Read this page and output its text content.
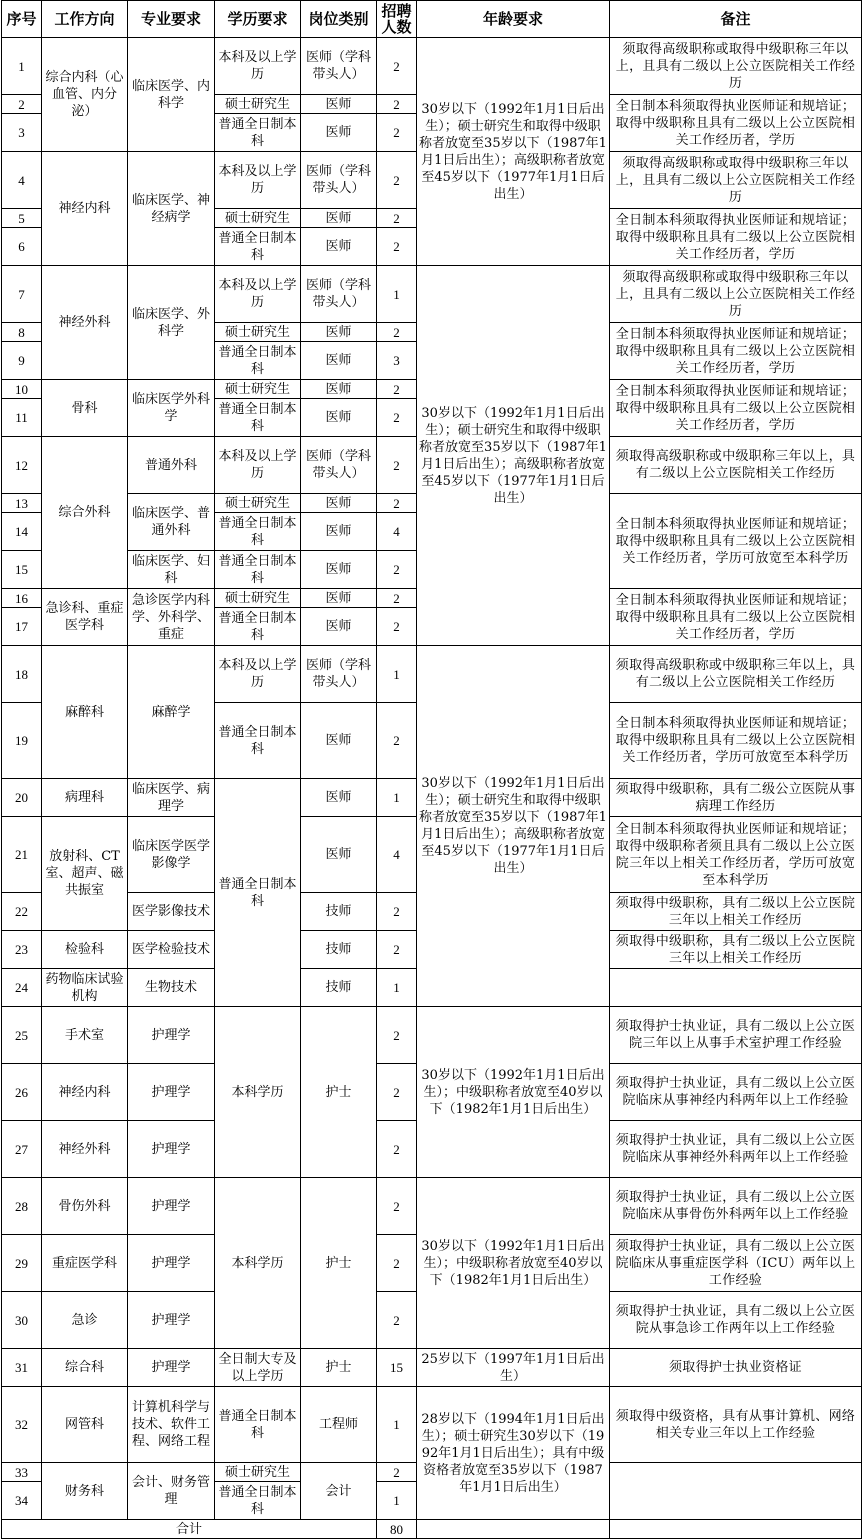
序号	工作方向	专业要求	学历要求	岗位类别	招聘人数	年龄要求	备注
1	综合内科（心血管、内分泌）	临床医学、内科学	本科及以上学历	医师（学科带头人）	2	30岁以下（1992年1月1日后出生）；硕士研究生和取得中级职称者放宽至35岁以下（1987年1月1日后出生）；高级职称者放宽至45岁以下（1977年1月1日后出生）	须取得高级职称或取得中级职称三年以上，且具有二级以上公立医院相关工作经历
2			硕士研究生	医师	2		全日制本科须取得执业医师证和规培证；取得中级职称且具有二级以上公立医院相关工作经历者，学历
3			普通全日制本科	医师	2		
4	神经内科	临床医学、神经病学	本科及以上学历	医师（学科带头人）	2		须取得高级职称或取得中级职称三年以上，且具有二级以上公立医院相关工作经历
5			硕士研究生	医师	2		全日制本科须取得执业医师证和规培证；取得中级职称且具有二级以上公立医院相关工作经历者，学历
6			普通全日制本科	医师	2		
7	神经外科	临床医学、外科学	本科及以上学历	医师（学科带头人）	1	30岁以下（1992年1月1日后出生）；硕士研究生和取得中级职称者放宽至35岁以下（1987年1月1日后出生）；高级职称者放宽至45岁以下（1977年1月1日后出生）	须取得高级职称或取得中级职称三年以上，且具有二级以上公立医院相关工作经历
8			硕士研究生	医师	2		全日制本科须取得执业医师证和规培证；取得中级职称且具有二级以上公立医院相关工作经历者，学历
9			普通全日制本科	医师	3		
10	骨科	临床医学外科学	硕士研究生	医师	2		全日制本科须取得执业医师证和规培证；取得中级职称且具有二级以上公立医院相关工作经历者，学历
11			普通全日制本科	医师	2		
12	综合外科	普通外科	本科及以上学历	医师（学科带头人）	2		须取得高级职称或中级职称三年以上，具有二级以上公立医院相关工作经历
13		临床医学、普通外科	硕士研究生	医师	2		全日制本科须取得执业医师证和规培证；取得中级职称且具有二级以上公立医院相关工作经历者，学历可放宽至本科学历
14			普通全日制本科	医师	4		
15		临床医学、妇科	普通全日制本科	医师	2		
16	急诊科、重症医学科	急诊医学内科学、外科学、重症	硕士研究生	医师	2		全日制本科须取得执业医师证和规培证；取得中级职称且具有二级以上公立医院相关工作经历者，学历
17			普通全日制本科	医师	2		
18	麻醉科	麻醉学	本科及以上学历	医师（学科带头人）	1	30岁以下（1992年1月1日后出生）；硕士研究生和取得中级职称者放宽至35岁以下（1987年1月1日后出生）；高级职称者放宽至45岁以下（1977年1月1日后出生）	须取得高级职称或中级职称三年以上，具有二级以上公立医院相关工作经历
19			普通全日制本科	医师	2		全日制本科须取得执业医师证和规培证；取得中级职称且具有二级以上公立医院相关工作经历者，学历可放宽至本科学历
20	病理科	临床医学、病理学	普通全日制本科	医师	1		须取得中级职称，具有二级公立医院从事病理工作经历
21	放射科、CT室、超声、磁共振室	临床医学医学影像学		医师	4		全日制本科须取得执业医师证和规培证；取得中级职称者须且具有二级以上公立医院三年以上相关工作经历者，学历可放宽至本科学历
22		医学影像技术		技师	2		须取得中级职称，具有二级以上公立医院三年以上相关工作经历
23	检验科	医学检验技术		技师	2		须取得中级职称，具有二级以上公立医院三年以上相关工作经历
24	药物临床试验机构	生物技术		技师	1		
25	手术室	护理学	本科学历	护士	2	30岁以下（1992年1月1日后出生）；中级职称者放宽至40岁以下（1982年1月1日后出生）	须取得护士执业证，具有二级以上公立医院三年以上从事手术室护理工作经验
26	神经内科	护理学			2		须取得护士执业证，具有二级以上公立医院临床从事神经内科两年以上工作经验
27	神经外科	护理学			2		须取得护士执业证，具有二级以上公立医院临床从事神经外科两年以上工作经验
28	骨伤外科	护理学	本科学历	护士	2	30岁以下（1992年1月1日后出生）；中级职称者放宽至40岁以下（1982年1月1日后出生）	须取得护士执业证，具有二级以上公立医院临床从事骨伤外科两年以上工作经验
29	重症医学科	护理学			2		须取得护士执业证，具有二级以上公立医院临床从事重症医学科（ICU）两年以上工作经验
30	急诊	护理学			2		须取得护士执业证，具有二级以上公立医院从事急诊工作两年以上工作经验
31	综合科	护理学	全日制大专及以上学历	护士	15	25岁以下（1997年1月1日后出生）	须取得护士执业资格证
32	网管科	计算机科学与技术、软件工程、网络工程	普通全日制本科	工程师	1	28岁以下（1994年1月1日后出生）；硕士研究生30岁以下（1992年1月1日后出生）；具有中级资格者放宽至35岁以下（1987年1月1日后出生）	须取得中级资格，具有从事计算机、网络相关专业三年以上工作经验
33	财务科	会计、财务管理	硕士研究生	会计	2		
34			普通全日制本科		1		
合计					80		
